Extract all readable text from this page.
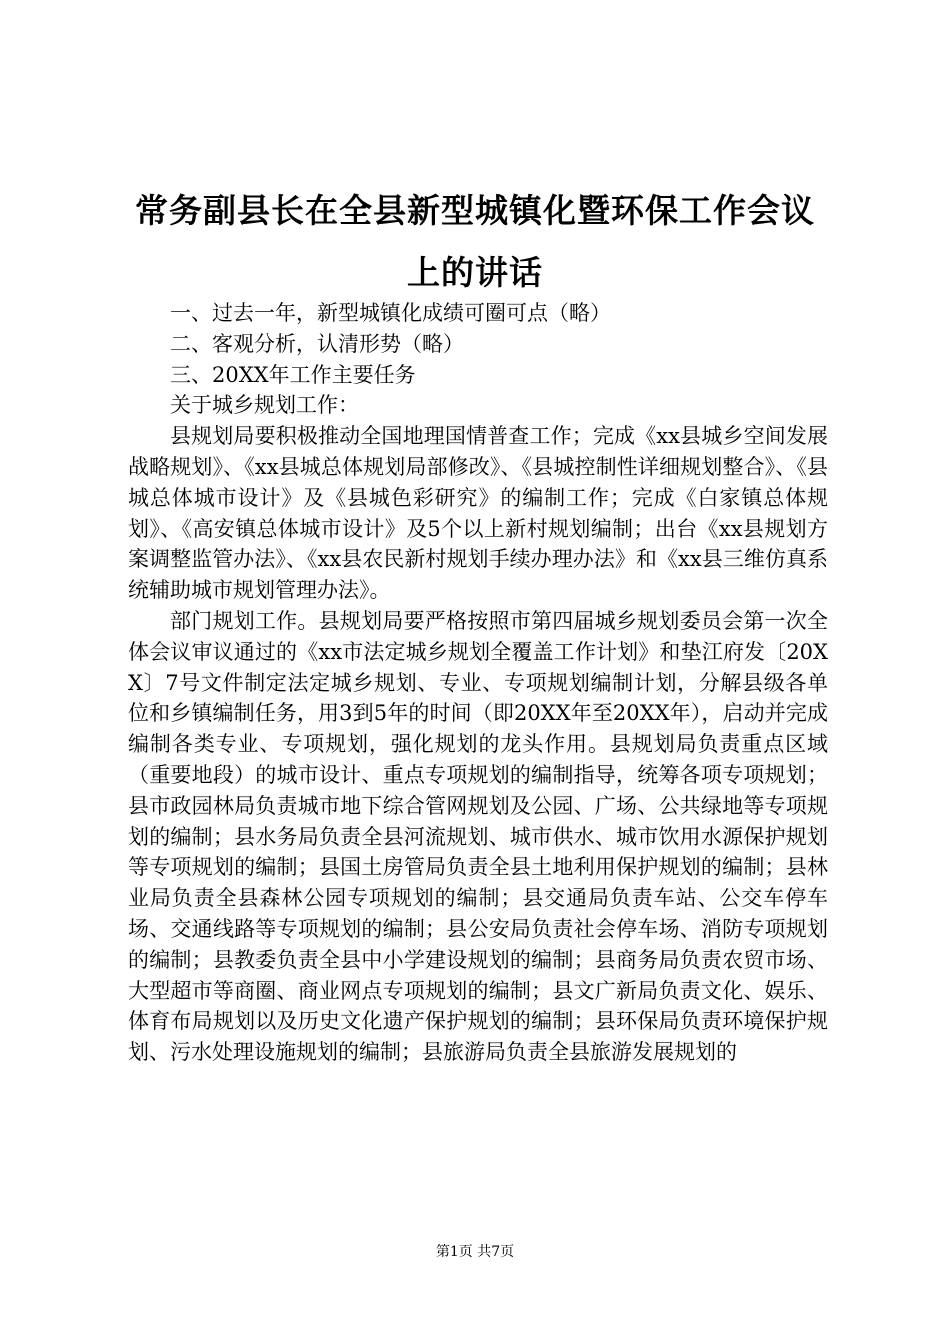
常务副县长在全县新型城镇化暨环保工作会议
上的讲话

一、过去一年，新型城镇化成绩可圈可点（略）

二、客观分析，认清形势（略）

三、20XX年工作主要任务

关于城乡规划工作：

县规划局要积极推动全国地理国情普查工作；完成《xx县城乡空间发展战略规划》、《xx县城总体规划局部修改》、《县城控制性详细规划整合》、《县城总体城市设计》及《县城色彩研究》的编制工作；完成《白家镇总体规划》、《高安镇总体城市设计》及5个以上新村规划编制；出台《xx县规划方案调整监管办法》、《xx县农民新村规划手续办理办法》和《xx县三维仿真系统辅助城市规划管理办法》。

部门规划工作。县规划局要严格按照市第四届城乡规划委员会第一次全体会议审议通过的《xx市法定城乡规划全覆盖工作计划》和垫江府发〔20XX〕7号文件制定法定城乡规划、专业、专项规划编制计划，分解县级各单位和乡镇编制任务，用3到5年的时间（即20XX年至20XX年），启动并完成编制各类专业、专项规划，强化规划的龙头作用。县规划局负责重点区域（重要地段）的城市设计、重点专项规划的编制指导，统筹各项专项规划；县市政园林局负责城市地下综合管网规划及公园、广场、公共绿地等专项规划的编制；县水务局负责全县河流规划、城市供水、城市饮用水源保护规划等专项规划的编制；县国土房管局负责全县土地利用保护规划的编制；县林业局负责全县森林公园专项规划的编制；县交通局负责车站、公交车停车场、交通线路等专项规划的编制；县公安局负责社会停车场、消防专项规划的编制；县教委负责全县中小学建设规划的编制；县商务局负责农贸市场、大型超市等商圈、商业网点专项规划的编制；县文广新局负责文化、娱乐、体育布局规划以及历史文化遗产保护规划的编制；县环保局负责环境保护规划、污水处理设施规划的编制；县旅游局负责全县旅游发展规划的

第1页 共7页
